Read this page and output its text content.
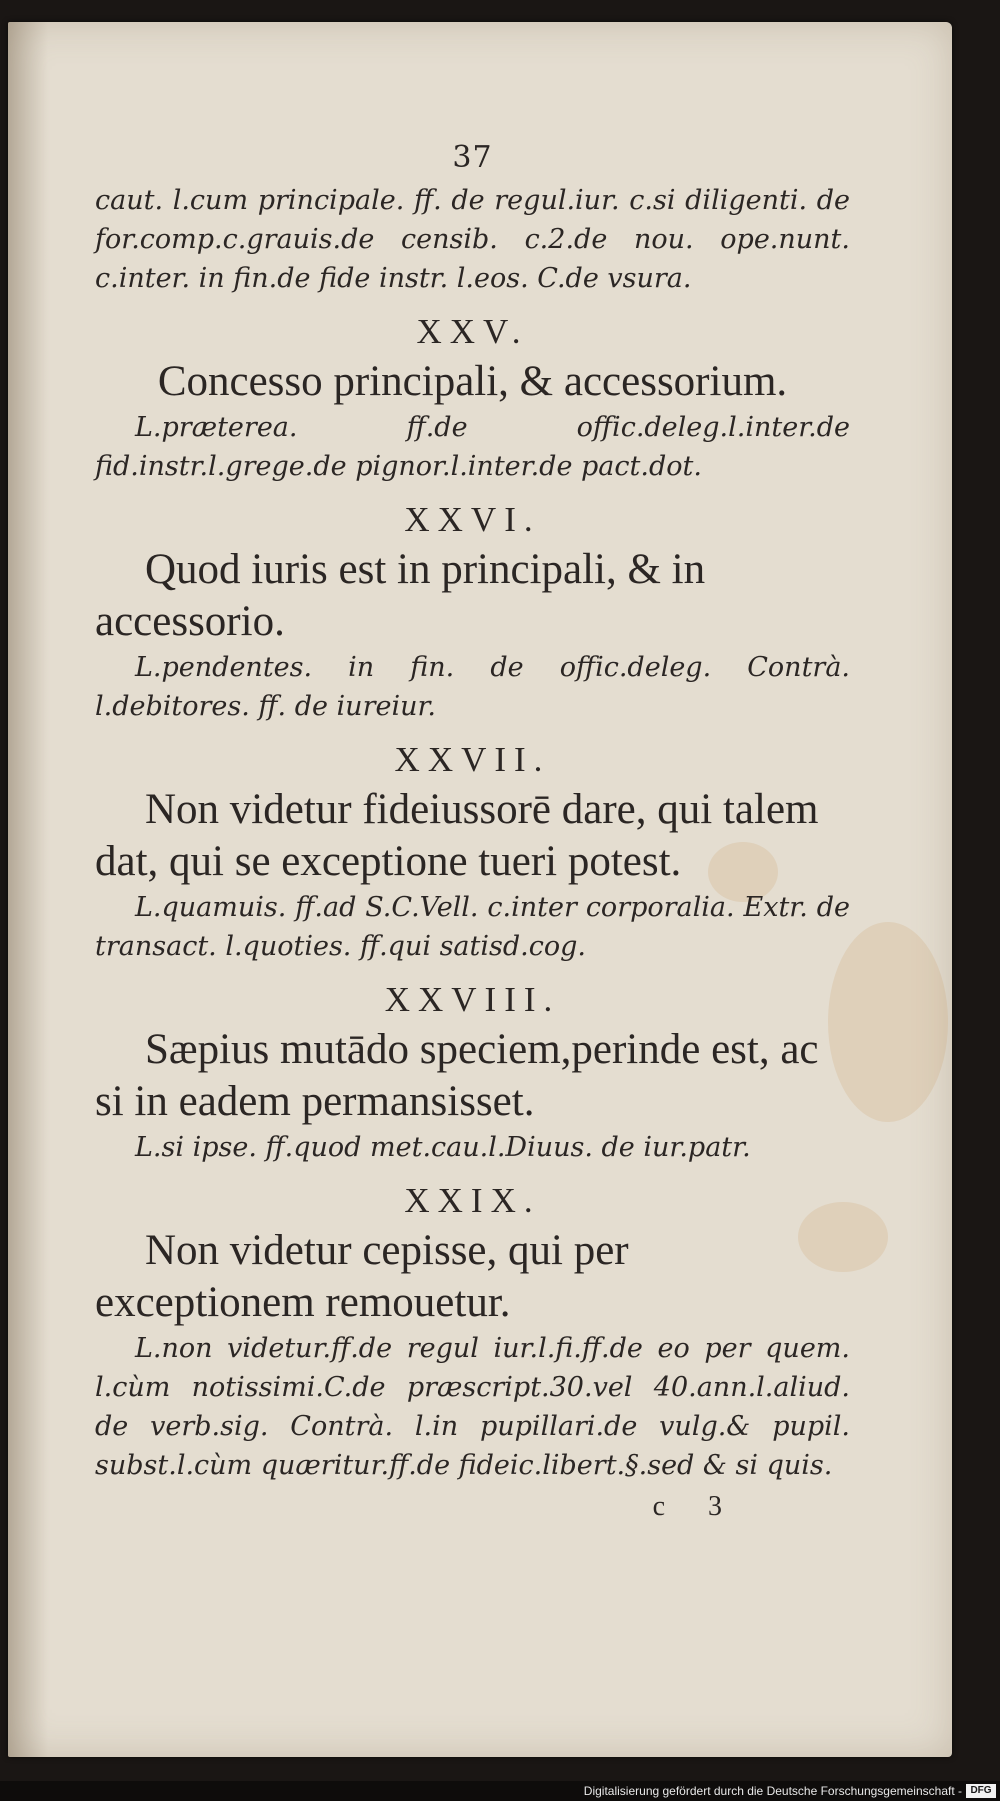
37

caut. l.cum principale. ff. de regul.iur. c.si diligenti. de for.comp.c.grauis.de censib. c.2.de nou. ope.nunt. c.inter. in fin.de fide instr. l.eos. C.de vsura.

XXV.

Concesso principali, & accessorium.

L.præterea. ff.de offic.deleg.l.inter.de fid.instr.l.grege.de pignor.l.inter.de pact.dot.

XXVI.

Quod iuris est in principali, & in accessorio.

L.pendentes. in fin. de offic.deleg. Contrà. l.debitores. ff. de iureiur.

XXVII.

Non videtur fideiussorē dare, qui talem dat, qui se exceptione tueri potest.

L.quamuis. ff.ad S.C.Vell. c.inter corporalia. Extr. de transact. l.quoties. ff.qui satisd.cog.

XXVIII.

Sæpius mutādo speciem,perinde est, ac si in eadem permansisset.

L.si ipse. ff.quod met.cau.l.Diuus. de iur.patr.

XXIX.

Non videtur cepisse, qui per exceptionem remouetur.

L.non videtur.ff.de regul iur.l.fi.ff.de eo per quem. l.cùm notissimi.C.de præscript.30.vel 40.ann.l.aliud. de verb.sig. Contrà. l.in pupillari.de vulg.& pupil. subst.l.cùm quæritur.ff.de fideic.libert.§.sed & si quis.

c 3
Digitalisierung gefördert durch die Deutsche Forschungsgemeinschaft - DFG
